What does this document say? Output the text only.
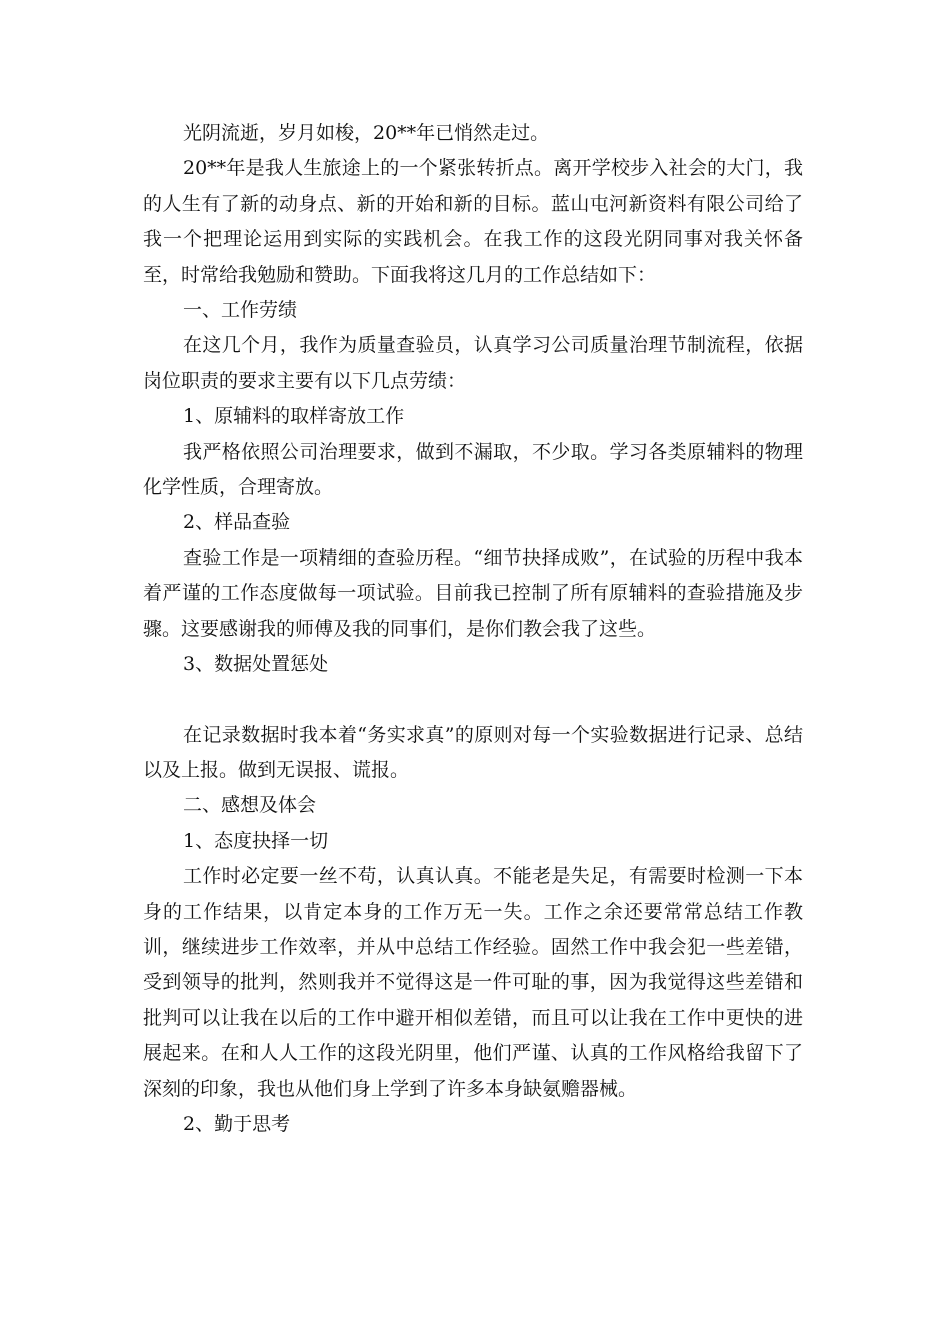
光阴流逝，岁月如梭，20**年已悄然走过。

20**年是我人生旅途上的一个紧张转折点。离开学校步入社会的大门，我的人生有了新的动身点、新的开始和新的目标。蓝山屯河新资料有限公司给了我一个把理论运用到实际的实践机会。在我工作的这段光阴同事对我关怀备至，时常给我勉励和赞助。下面我将这几月的工作总结如下：

一、工作劳绩

在这几个月，我作为质量查验员，认真学习公司质量治理节制流程，依据岗位职责的要求主要有以下几点劳绩：

1、原辅料的取样寄放工作

我严格依照公司治理要求，做到不漏取，不少取。学习各类原辅料的物理化学性质，合理寄放。

2、样品查验

查验工作是一项精细的查验历程。“细节抉择成败”，在试验的历程中我本着严谨的工作态度做每一项试验。目前我已控制了所有原辅料的查验措施及步骤。这要感谢我的师傅及我的同事们，是你们教会我了这些。

3、数据处置惩处

在记录数据时我本着“务实求真”的原则对每一个实验数据进行记录、总结以及上报。做到无误报、谎报。

二、感想及体会

1、态度抉择一切

工作时必定要一丝不苟，认真认真。不能老是失足，有需要时检测一下本身的工作结果，以肯定本身的工作万无一失。工作之余还要常常总结工作教训，继续进步工作效率，并从中总结工作经验。固然工作中我会犯一些差错，受到领导的批判，然则我并不觉得这是一件可耻的事，因为我觉得这些差错和批判可以让我在以后的工作中避开相似差错，而且可以让我在工作中更快的进展起来。在和人人工作的这段光阴里，他们严谨、认真的工作风格给我留下了深刻的印象，我也从他们身上学到了许多本身缺氨赡器械。

2、勤于思考
